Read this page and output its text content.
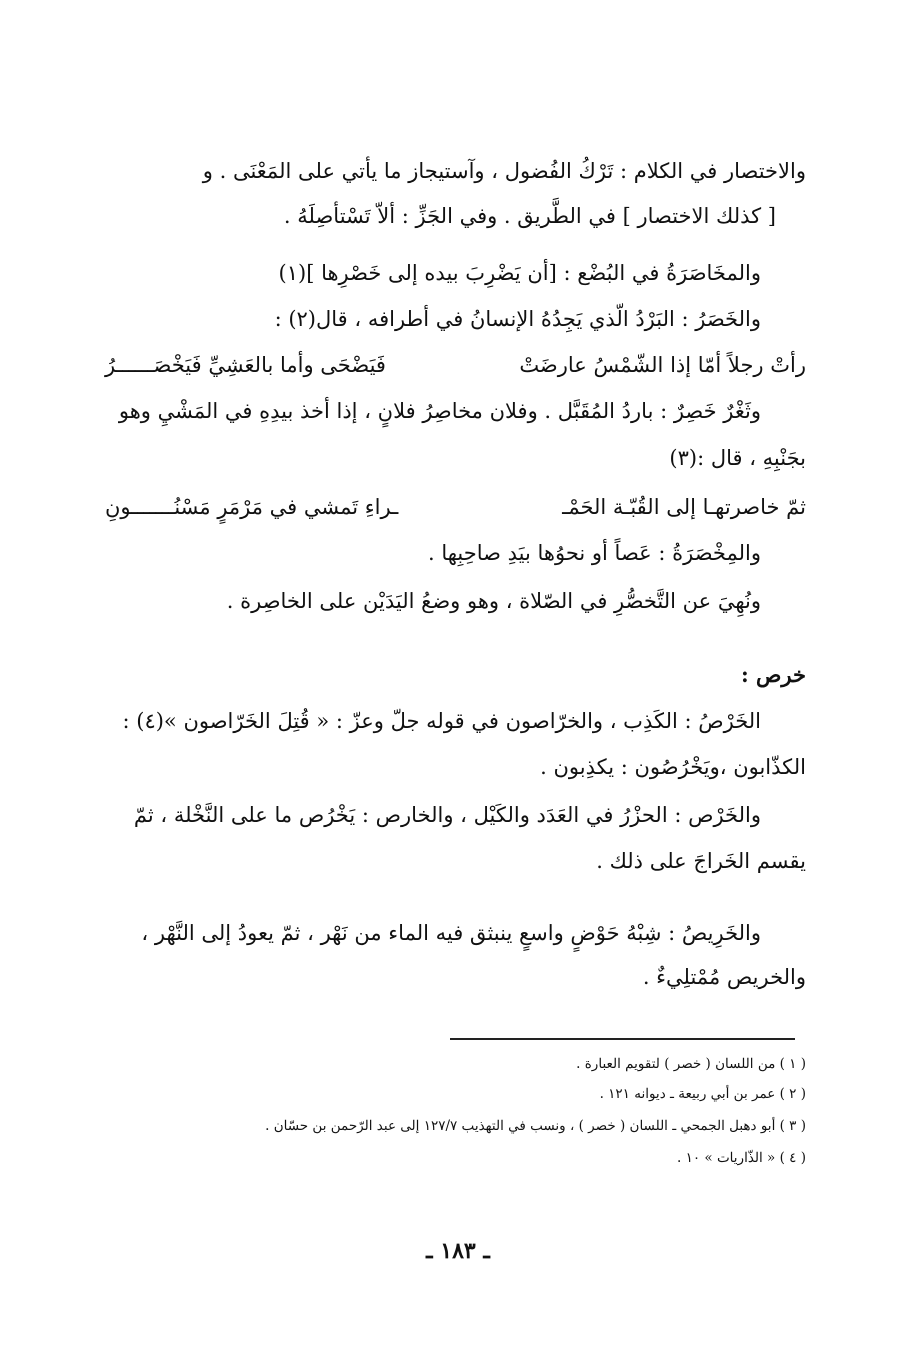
والاختصار في الكلام : تَرْكُ الفُضول ، وآستيجاز ما يأتي على المَعْنَى . و
[ كذلك الاختصار ] في الطَّريق . وفي الجَزِّ : ألاّ تَسْتأصِلَهُ .
والمخَاصَرَةُ في البُضْع : [أن يَضْرِبَ بيده إلى خَصْرِها ](١)
والخَصَرُ : البَرْدُ الّذي يَجِدُهُ الإنسانُ في أطرافه ، قال(٢) :
رأتْ رجلاً أمّا إذا الشّمْسُ عارضَتْ
فَيَضْحَى وأما بالعَشِيِّ فَيَخْصَــــــرُ
وثَغْرٌ خَصِرٌ : باردُ المُقَبَّل . وفلان مخاصِرُ فلانٍ ، إذا أخذ بيدِهِ في المَشْيِ وهو
بجَنْبِهِ ، قال :(٣)
ثمّ خاصرتهـا إلى القُبّـة الحَمْـ
ـراءِ تَمشي في مَرْمَرٍ مَسْنُـــــــونِ
والمِخْصَرَةُ : عَصاً أو نحوُها بيَدِ صاحِبِها .
ونُهِيَ عن التَّخصُّرِ في الصّلاة ، وهو وضعُ اليَدَيْن على الخاصِرة .
خرص :
الخَرْصُ : الكَذِب ، والخرّاصون في قوله جلّ وعزّ : « قُتِلَ الخَرّاصون »(٤) :
الكذّابون ،ويَخْرُصُون : يكذِبون .
والخَرْص : الحزْرُ في العَدَد والكَيْل ، والخارص : يَخْرُص ما على النَّخْلة ، ثمّ
يقسم الخَراجَ على ذلك .
والخَرِيصُ : شِبْهُ حَوْضٍ واسعٍ ينبثق فيه الماء من نَهْر ، ثمّ يعودُ إلى النَّهْر ،
والخريص مُمْتلِيءٌ .
( ١ ) من اللسان ( خصر ) لتقويم العبارة .
( ٢ ) عمر بن أبي ربيعة ـ ديوانه ١٢١ .
( ٣ ) أبو دهبل الجمحي ـ اللسان ( خصر ) ، ونسب في التهذيب ١٢٧/٧ إلى عبد الرّحمن بن حسّان .
( ٤ ) « الذّاريات » ١٠ .
ـ ١٨٣ ـ
